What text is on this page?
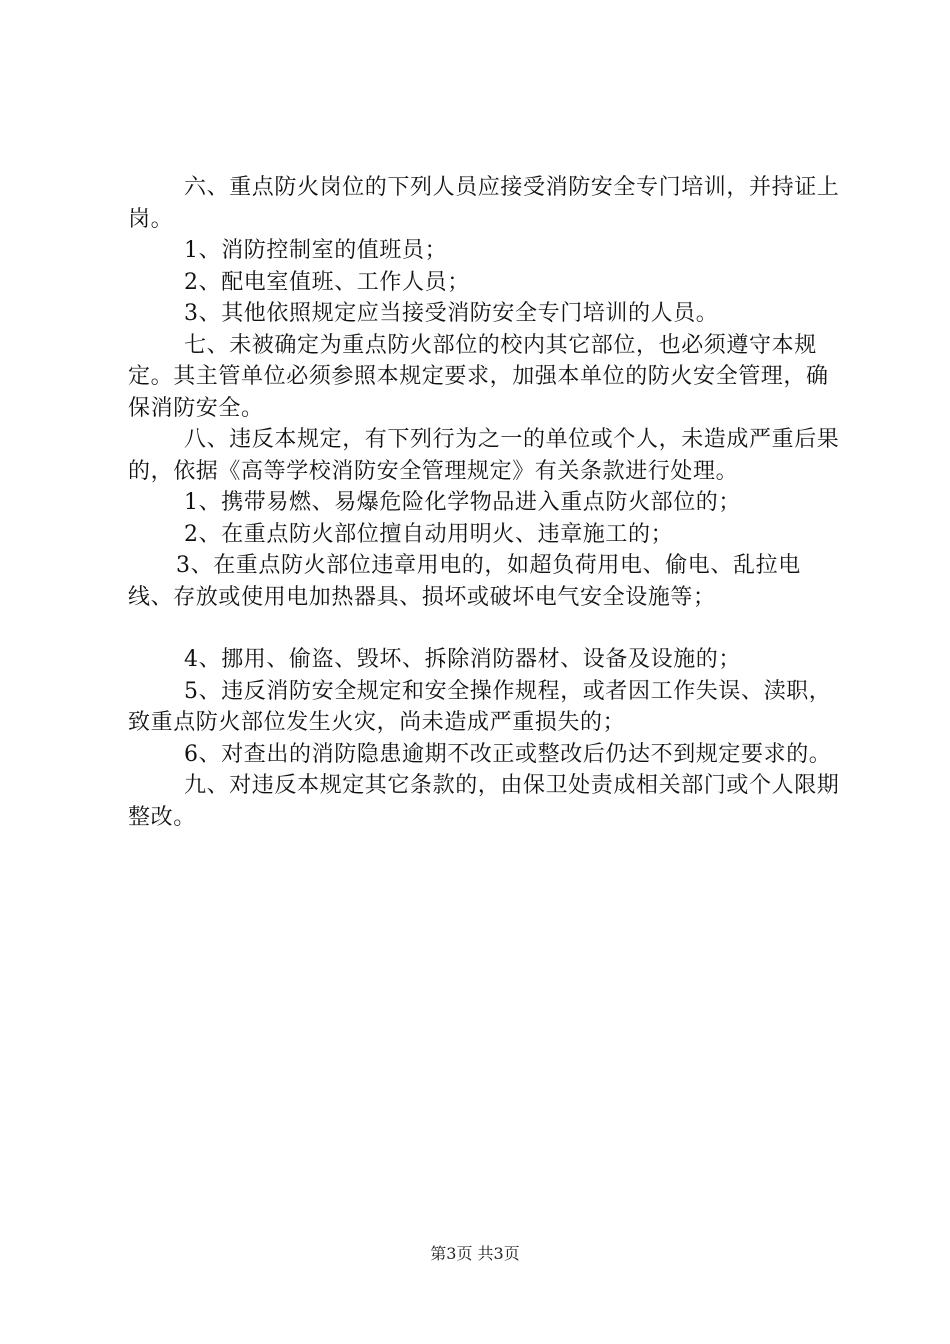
六、重点防火岗位的下列人员应接受消防安全专门培训，并持证上岗。

1、消防控制室的值班员；

2、配电室值班、工作人员；

3、其他依照规定应当接受消防安全专门培训的人员。

七、未被确定为重点防火部位的校内其它部位，也必须遵守本规定。其主管单位必须参照本规定要求，加强本单位的防火安全管理，确保消防安全。

八、违反本规定，有下列行为之一的单位或个人，未造成严重后果的，依据《高等学校消防安全管理规定》有关条款进行处理。

1、携带易燃、易爆危险化学物品进入重点防火部位的；

2、在重点防火部位擅自动用明火、违章施工的；

3、在重点防火部位违章用电的，如超负荷用电、偷电、乱拉电线、存放或使用电加热器具、损坏或破坏电气安全设施等；

4、挪用、偷盗、毁坏、拆除消防器材、设备及设施的；

5、违反消防安全规定和安全操作规程，或者因工作失误、渎职，致重点防火部位发生火灾，尚未造成严重损失的；

6、对查出的消防隐患逾期不改正或整改后仍达不到规定要求的。

九、对违反本规定其它条款的，由保卫处责成相关部门或个人限期整改。

第3页 共3页
